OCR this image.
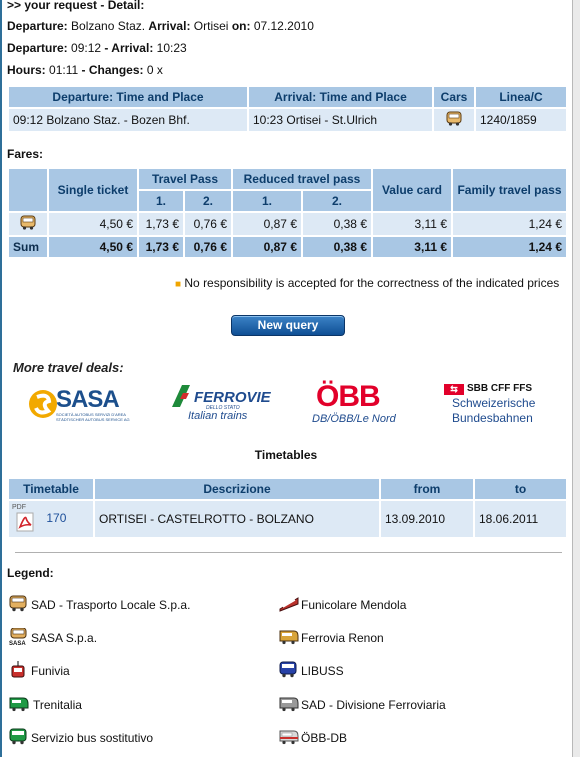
>> your request - Detail:
Departure: Bolzano Staz. Arrival: Ortisei on: 07.12.2010
Departure: 09:12 - Arrival: 10:23
Hours: 01:11 - Changes: 0 x
Departure: Time and Place	Arrival: Time and Place	Cars	Linea/C
09:12 Bolzano Staz. - Bozen Bhf.	10:23 Ortisei - St.Ulrich		1240/1859
Fares:
	Single ticket	Travel Pass		Reduced travel pass		Value card	Family travel pass
		1.	2.	1.	2.		
	4,50 €	1,73 €	0,76 €	0,87 €	0,38 €	3,11 €	1,24 €
Sum	4,50 €	1,73 €	0,76 €	0,87 €	0,38 €	3,11 €	1,24 €
■ No responsibility is accepted for the correctness of the indicated prices
New query
More travel deals:
SASA
SOCIETÀ AUTOBUS SERVIZI D'AREA
STÄDTISCHER AUTOBUS SERVICE AG
FERROVIE
DELLO STATO
Italian trains
ÖBB
DB/ÖBB/Le Nord
⇆ SBB CFF FFS
Schweizerische
Bundesbahnen
Timetables
Timetable	Descrizione	from	to

PDF
170	ORTISEI - CASTELROTTO - BOLZANO	13.09.2010	18.06.2011
Legend:
SAD - Trasporto Locale S.p.a.	Funicolare Mendola
SASA SASA S.p.a.	Ferrovia Renon
Funivia	LIBUSS
Trenitalia	SAD - Divisione Ferroviaria
Servizio bus sostitutivo	ÖBB-DB
